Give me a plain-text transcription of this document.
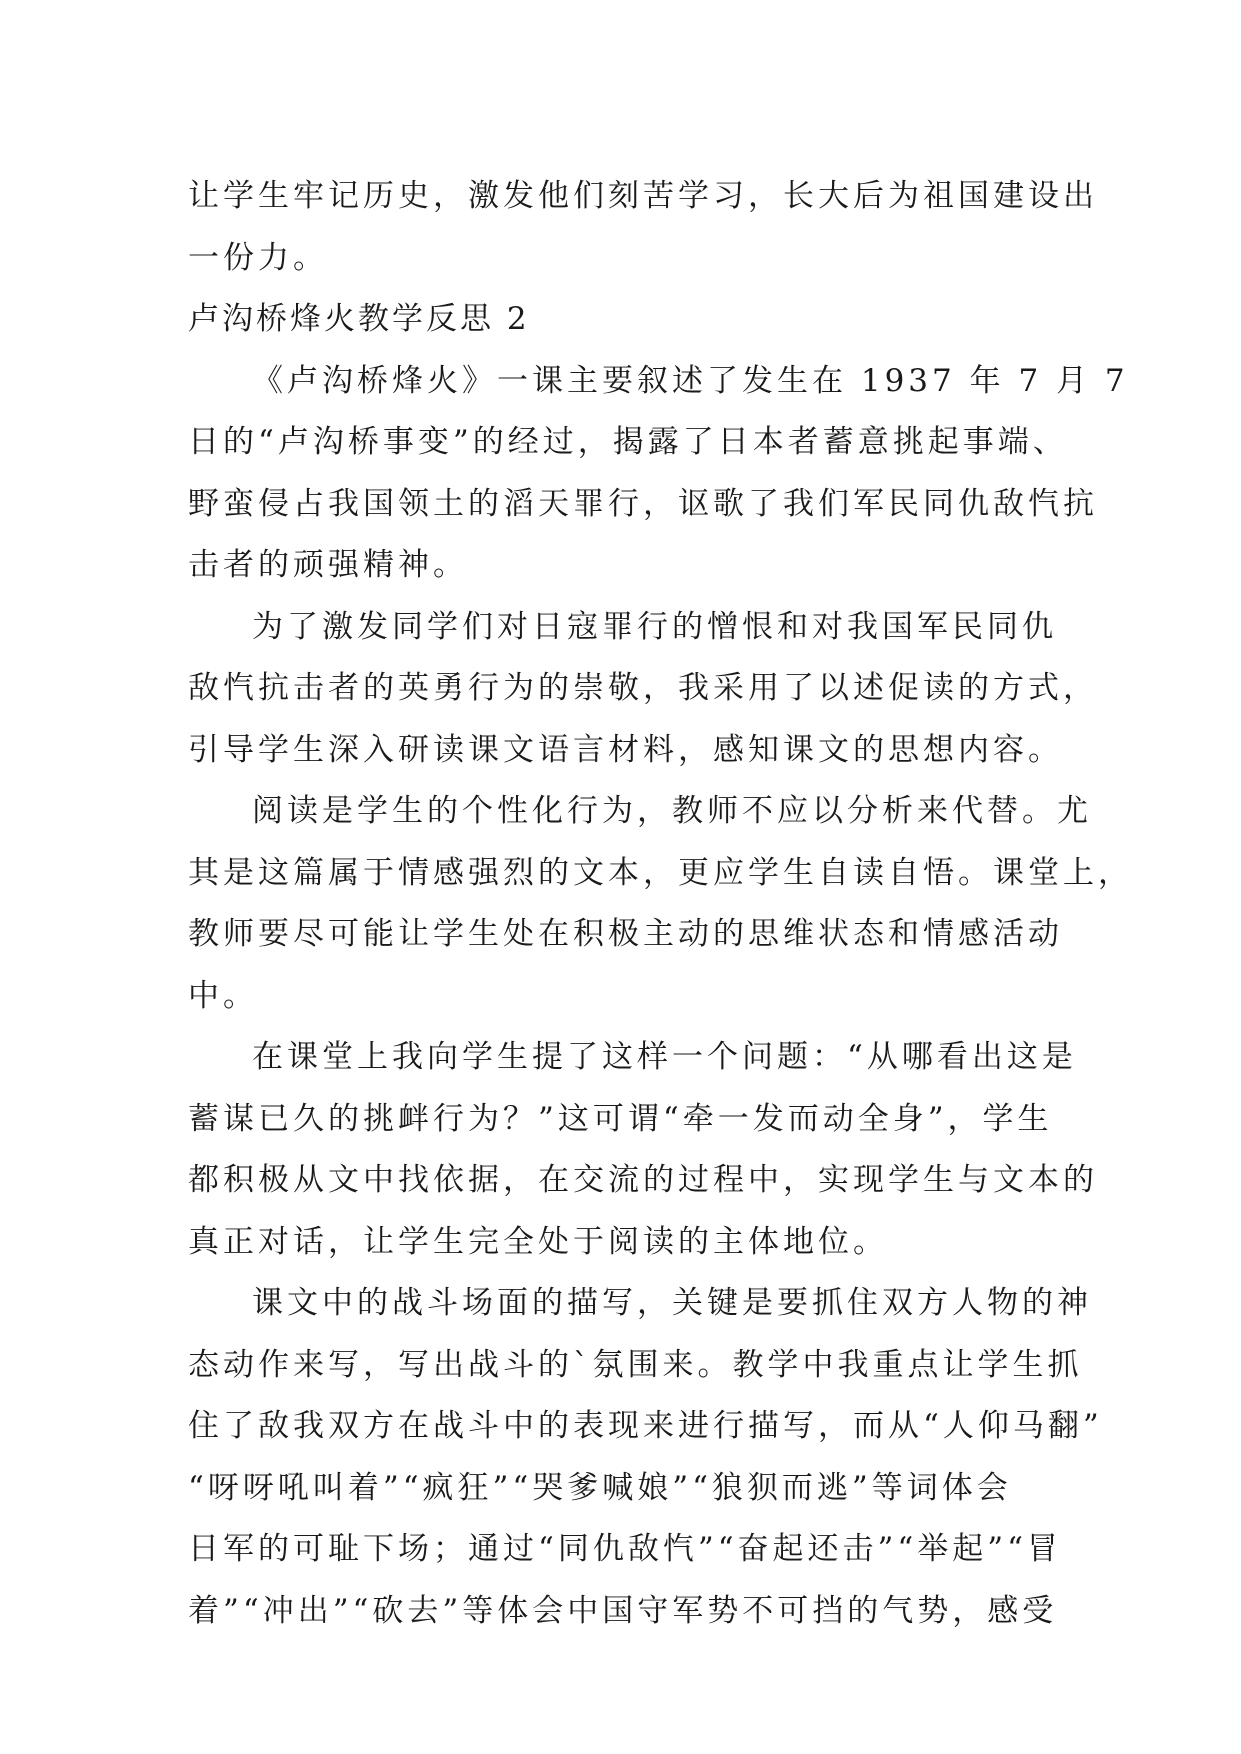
让学生牢记历史，激发他们刻苦学习，长大后为祖国建设出
一份力。
卢沟桥烽火教学反思 2
《卢沟桥烽火》一课主要叙述了发生在 1937 年 7 月 7
日的“卢沟桥事变”的经过，揭露了日本者蓄意挑起事端、
野蛮侵占我国领土的滔天罪行，讴歌了我们军民同仇敌忾抗
击者的顽强精神。
为了激发同学们对日寇罪行的憎恨和对我国军民同仇
敌忾抗击者的英勇行为的崇敬，我采用了以述促读的方式，
引导学生深入研读课文语言材料，感知课文的思想内容。
阅读是学生的个性化行为，教师不应以分析来代替。尤
其是这篇属于情感强烈的文本，更应学生自读自悟。课堂上，
教师要尽可能让学生处在积极主动的思维状态和情感活动
中。
在课堂上我向学生提了这样一个问题：“从哪看出这是
蓄谋已久的挑衅行为？”这可谓“牵一发而动全身”，学生
都积极从文中找依据，在交流的过程中，实现学生与文本的
真正对话，让学生完全处于阅读的主体地位。
课文中的战斗场面的描写，关键是要抓住双方人物的神
态动作来写，写出战斗的`氛围来。教学中我重点让学生抓
住了敌我双方在战斗中的表现来进行描写，而从“人仰马翻”
“呀呀吼叫着”“疯狂”“哭爹喊娘”“狼狈而逃”等词体会
日军的可耻下场；通过“同仇敌忾”“奋起还击”“举起”“冒
着”“冲出”“砍去”等体会中国守军势不可挡的气势，感受
